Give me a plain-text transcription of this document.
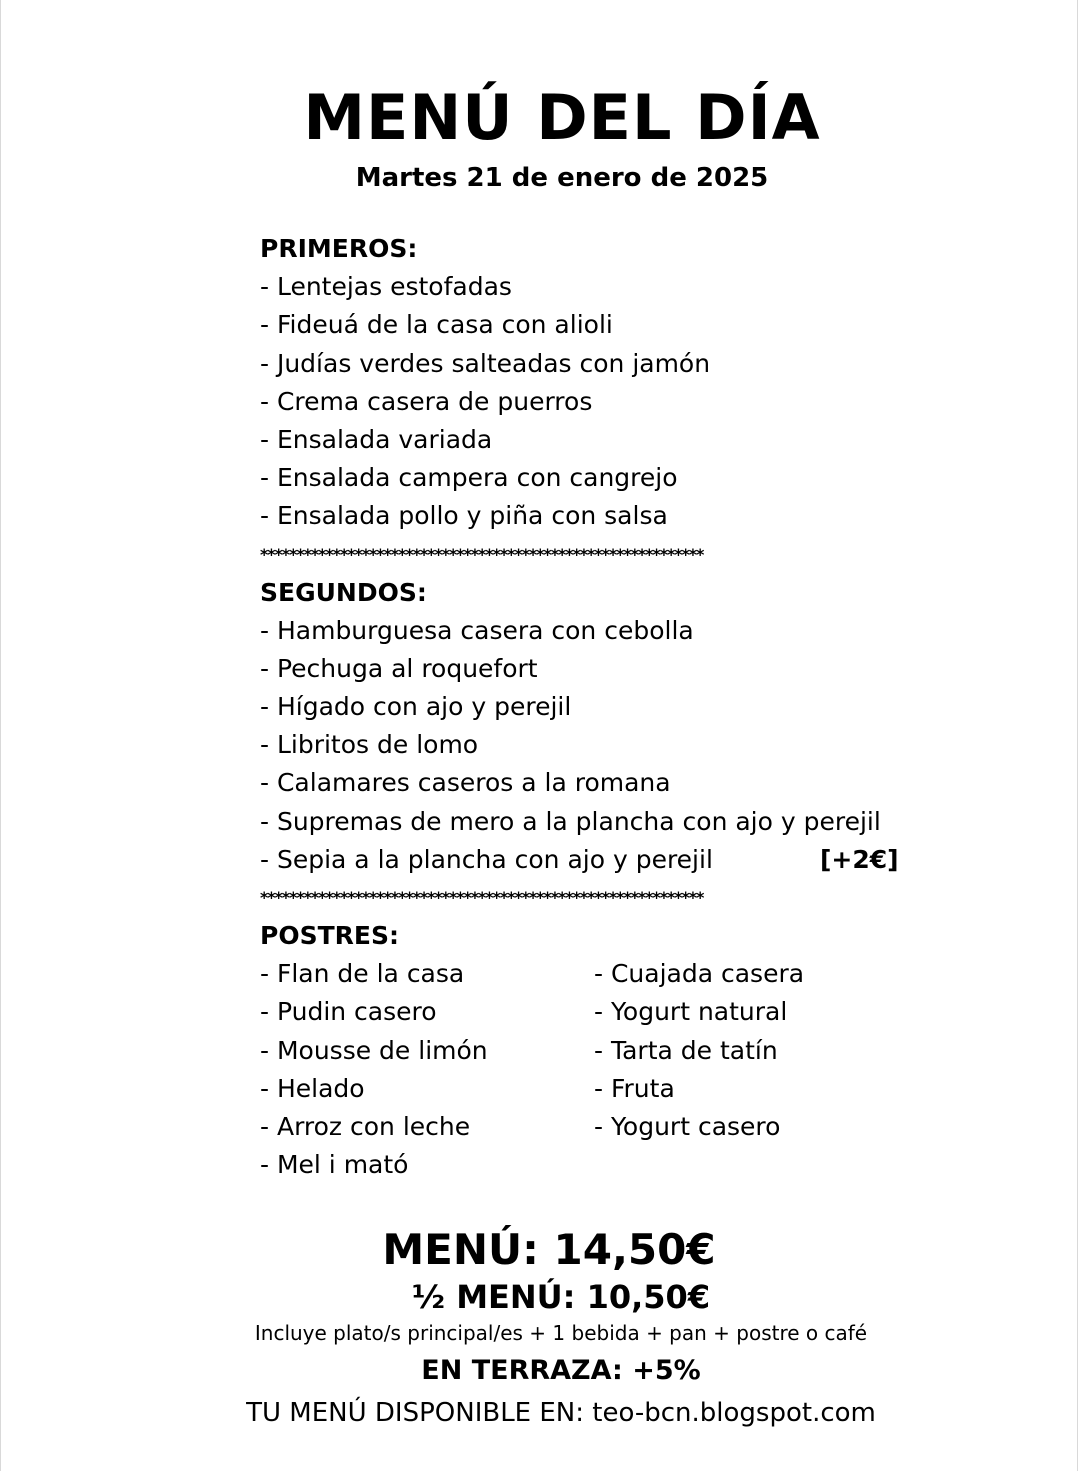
MENÚ DEL DÍA
Martes 21 de enero de 2025
PRIMEROS:
- Lentejas estofadas
- Fideuá de la casa con alioli
- Judías verdes salteadas con jamón
- Crema casera de puerros
- Ensalada variada
- Ensalada campera con cangrejo
- Ensalada pollo y piña con salsa
*************************************************************
SEGUNDOS:
- Hamburguesa casera con cebolla
- Pechuga al roquefort
- Hígado con ajo y perejil
- Libritos de lomo
- Calamares caseros a la romana
- Supremas de mero a la plancha con ajo y perejil
- Sepia a la plancha con ajo y perejil	[+2€]
*************************************************************
POSTRES:
- Flan de la casa	- Cuajada casera
- Pudin casero	- Yogurt natural
- Mousse de limón	- Tarta de tatín
- Helado	- Fruta
- Arroz con leche	- Yogurt casero
- Mel i mató
MENÚ: 14,50€
½ MENÚ: 10,50€
Incluye plato/s principal/es + 1 bebida + pan + postre o café
EN TERRAZA: +5%
TU MENÚ DISPONIBLE EN: teo-bcn.blogspot.com
